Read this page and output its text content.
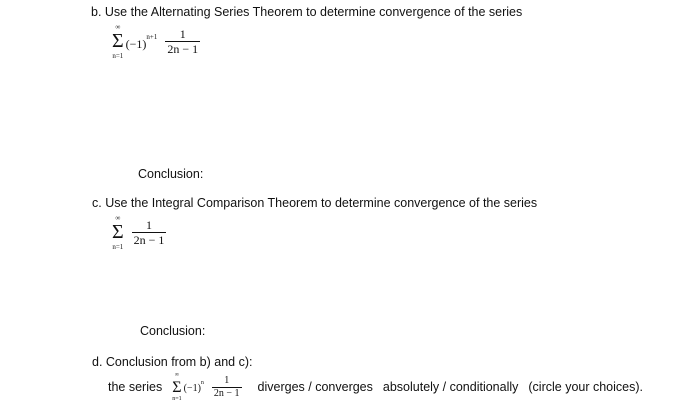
b. Use the Alternating Series Theorem to determine convergence of the series
∞
Σ
n=1
(−1) $n+1 \frac{1}{2n - 1}$
Conclusion:
c. Use the Integral Comparison Theorem to determine convergence of the series
∞
Σ
$n=1 \frac{1}{2n - 1}$
Conclusion:
d. Conclusion from b) and c):
the series
∞
Σ
n=1
(−1) n $\frac{1}{2n - 1}$ diverges / converges absolutely / conditionally (circle your choices).
